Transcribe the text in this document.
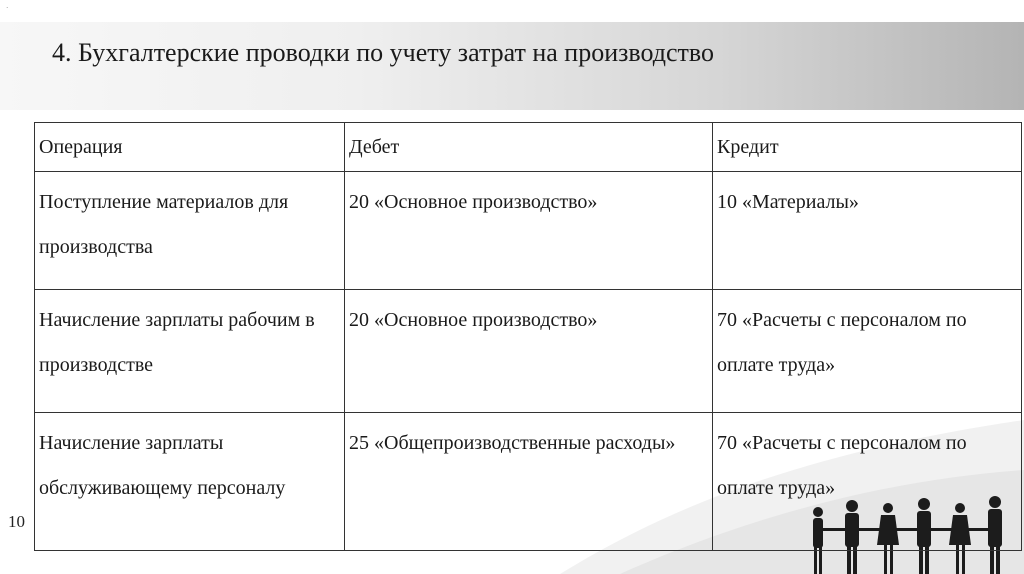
·
4. Бухгалтерские проводки по учету затрат на производство
Операция	Дебет	Кредит
Поступление материалов для производства	20 «Основное производство»	10 «Материалы»
Начисление зарплаты рабочим в производстве	20 «Основное производство»	70 «Расчеты с персоналом по оплате труда»
Начисление зарплаты обслуживающему персоналу	25 «Общепроизводственные расходы»	70 «Расчеты с персоналом по оплате труда»
10
